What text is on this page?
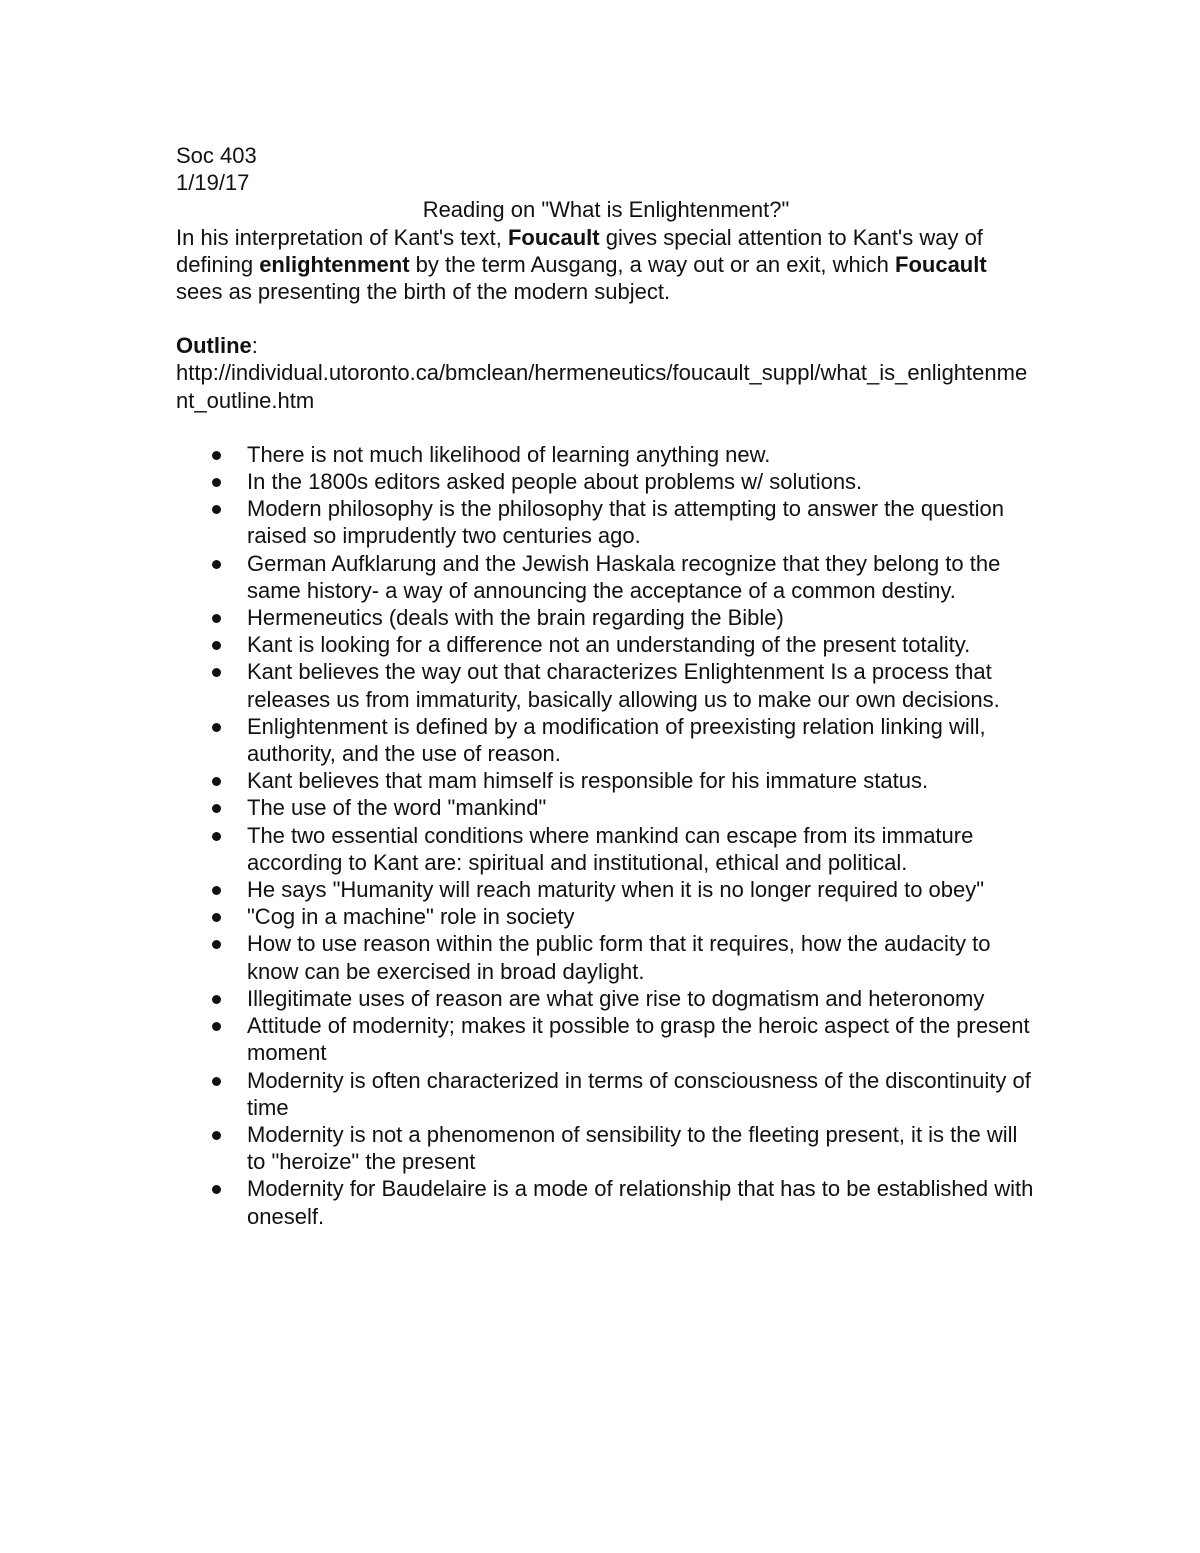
Soc 403

1/19/17

Reading on "What is Enlightenment?"

In his interpretation of Kant's text, Foucault gives special attention to Kant's way of defining enlightenment by the term Ausgang, a way out or an exit, which Foucault sees as presenting the birth of the modern subject.

Outline:

http://individual.utoronto.ca/bmclean/hermeneutics/foucault_suppl/what_is_enlightenment_outline.htm

There is not much likelihood of learning anything new.
In the 1800s editors asked people about problems w/ solutions.
Modern philosophy is the philosophy that is attempting to answer the question raised so imprudently two centuries ago.
German Aufklarung and the Jewish Haskala recognize that they belong to the same history- a way of announcing the acceptance of a common destiny.
Hermeneutics (deals with the brain regarding the Bible)
Kant is looking for a difference not an understanding of the present totality.
Kant believes the way out that characterizes Enlightenment Is a process that releases us from immaturity, basically allowing us to make our own decisions.
Enlightenment is defined by a modification of preexisting relation linking will, authority, and the use of reason.
Kant believes that mam himself is responsible for his immature status.
The use of the word "mankind"
The two essential conditions where mankind can escape from its immature according to Kant are: spiritual and institutional, ethical and political.
He says "Humanity will reach maturity when it is no longer required to obey"
"Cog in a machine" role in society
How to use reason within the public form that it requires, how the audacity to know can be exercised in broad daylight.
Illegitimate uses of reason are what give rise to dogmatism and heteronomy
Attitude of modernity; makes it possible to grasp the heroic aspect of the present moment
Modernity is often characterized in terms of consciousness of the discontinuity of time
Modernity is not a phenomenon of sensibility to the fleeting present, it is the will to "heroize" the present
Modernity for Baudelaire is a mode of relationship that has to be established with oneself.
